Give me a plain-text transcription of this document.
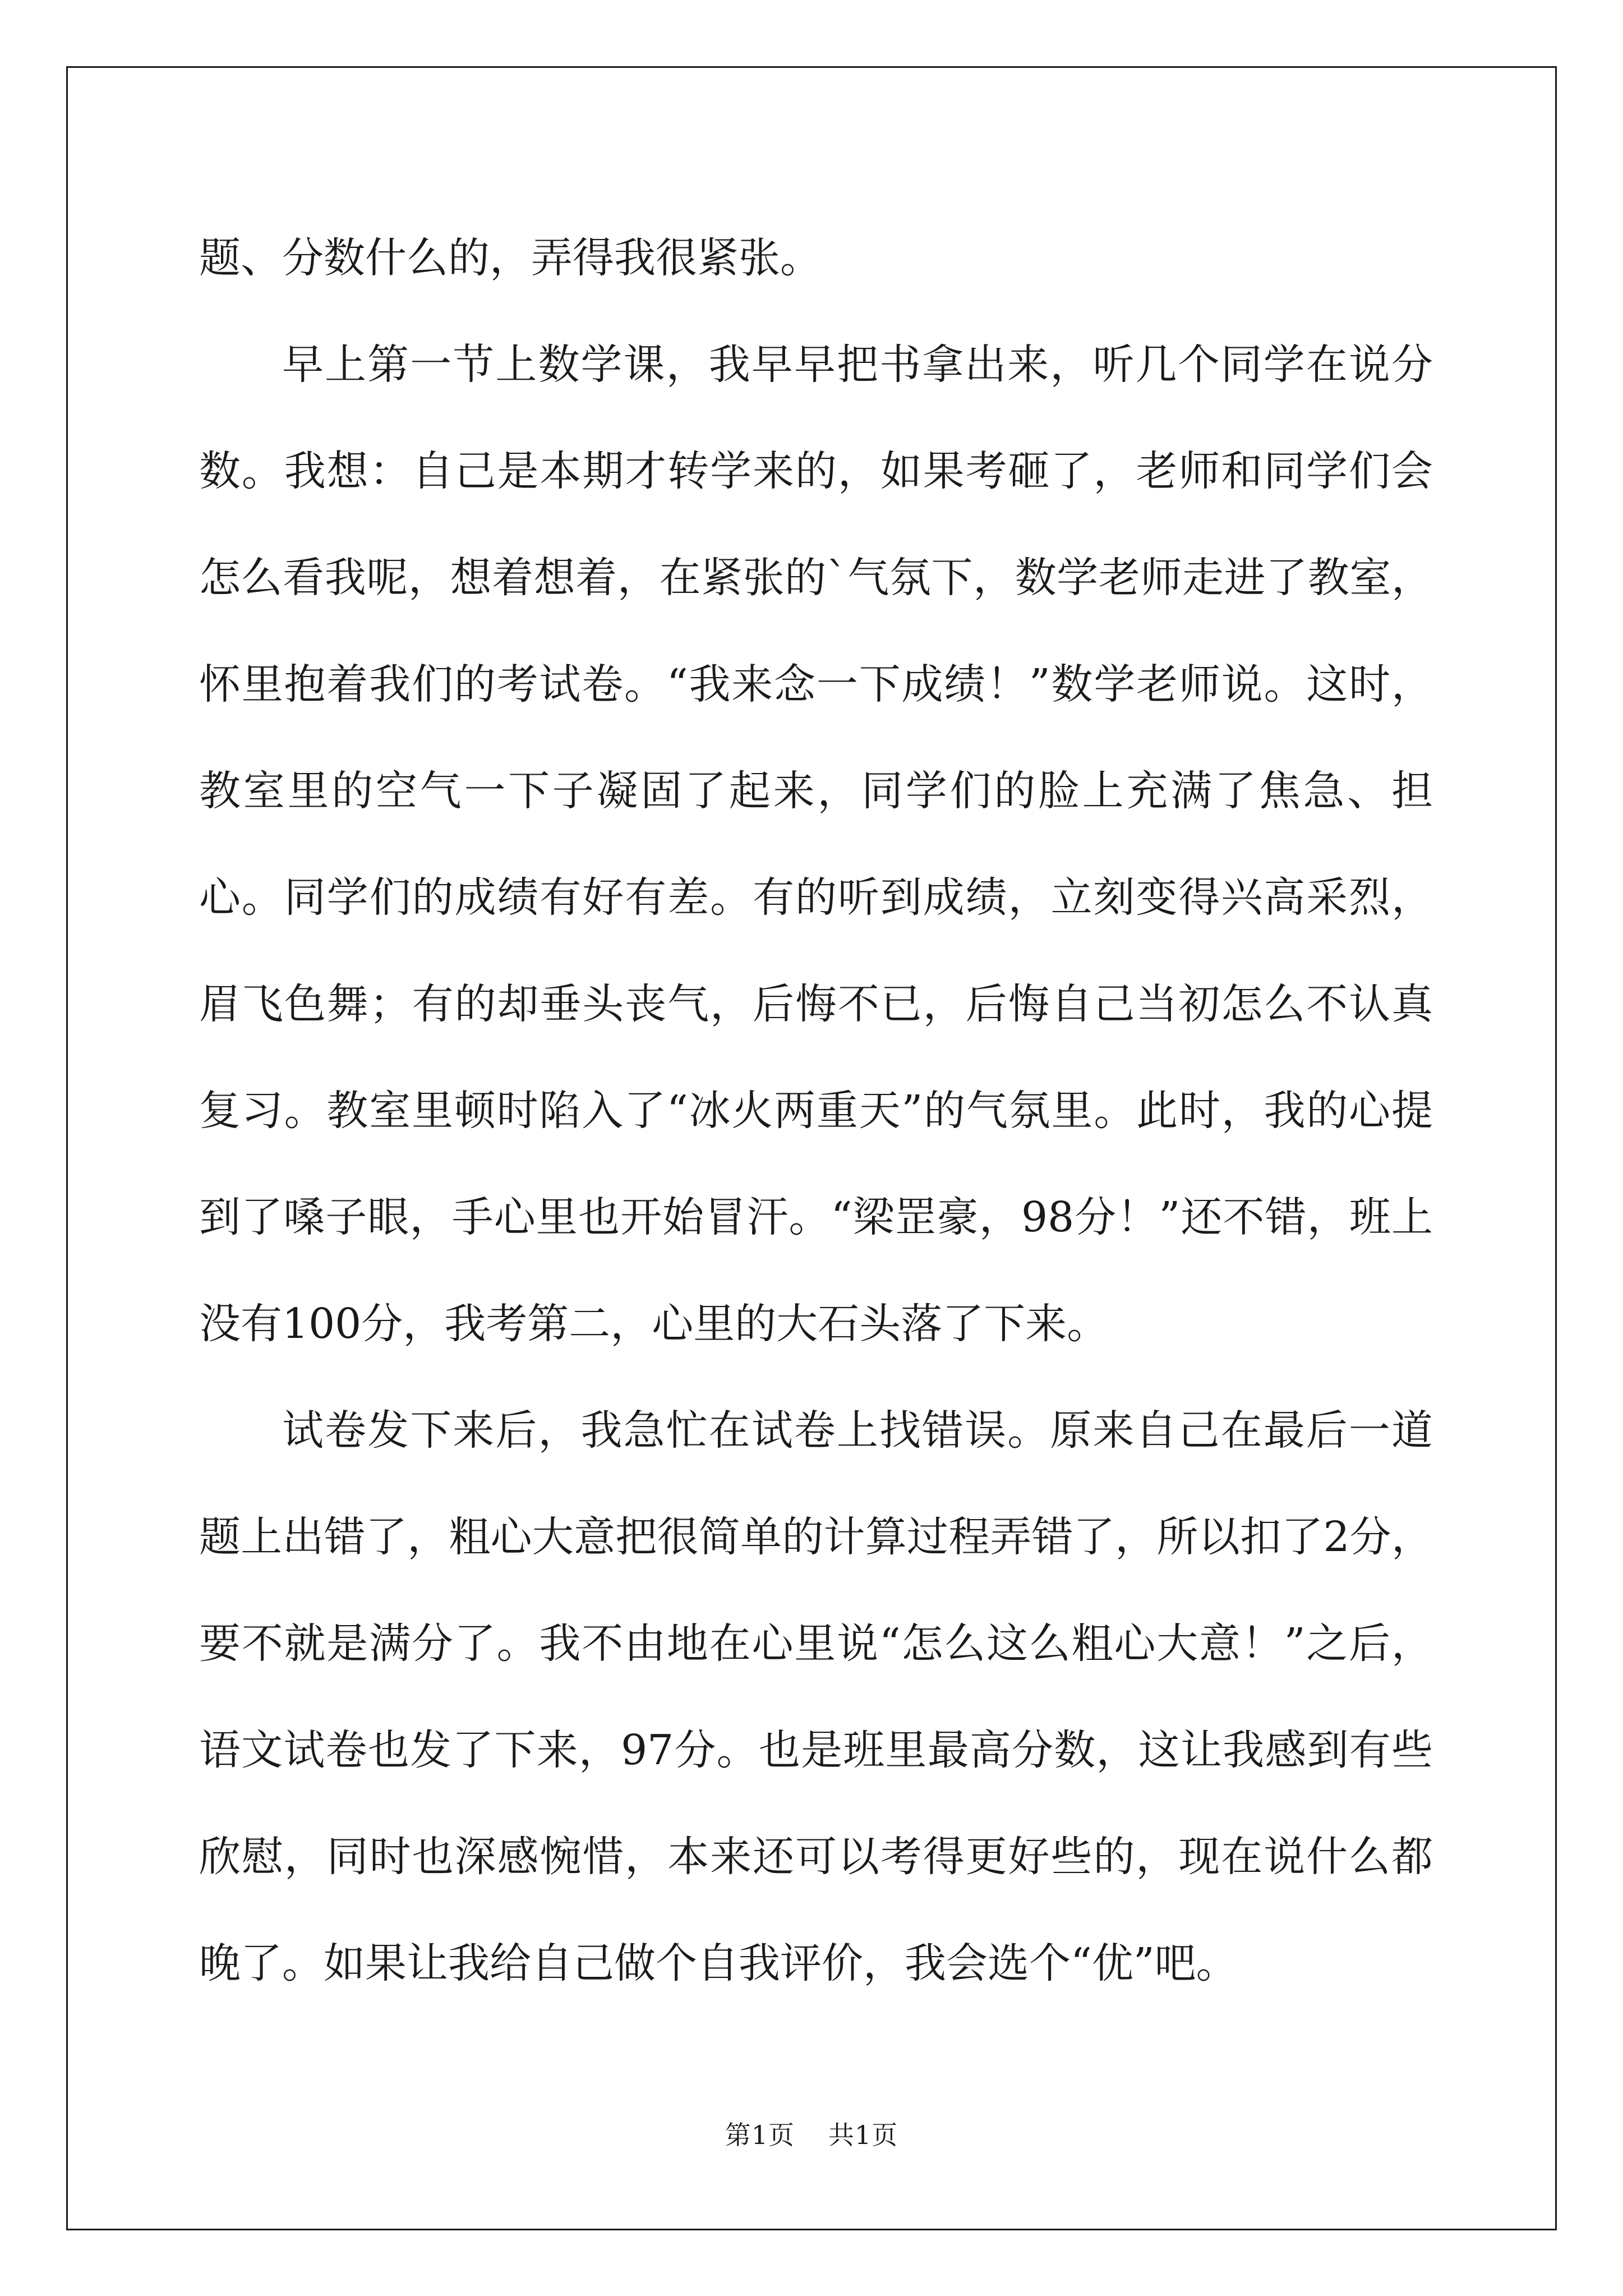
题、分数什么的，弄得我很紧张。

早上第一节上数学课，我早早把书拿出来，听几个同学在说分数。我想：自己是本期才转学来的，如果考砸了，老师和同学们会怎么看我呢，想着想着，在紧张的`气氛下，数学老师走进了教室，怀里抱着我们的考试卷。“我来念一下成绩！”数学老师说。这时，教室里的空气一下子凝固了起来，同学们的脸上充满了焦急、担心。同学们的成绩有好有差。有的听到成绩，立刻变得兴高采烈，眉飞色舞；有的却垂头丧气，后悔不已，后悔自己当初怎么不认真复习。教室里顿时陷入了“冰火两重天”的气氛里。此时，我的心提到了嗓子眼，手心里也开始冒汗。“梁罡豪，98分！”还不错，班上没有100分，我考第二，心里的大石头落了下来。

试卷发下来后，我急忙在试卷上找错误。原来自己在最后一道题上出错了，粗心大意把很简单的计算过程弄错了，所以扣了2分，要不就是满分了。我不由地在心里说“怎么这么粗心大意！”之后，语文试卷也发了下来，97分。也是班里最高分数，这让我感到有些欣慰，同时也深感惋惜，本来还可以考得更好些的，现在说什么都晚了。如果让我给自己做个自我评价，我会选个“优”吧。

第1页 共1页
